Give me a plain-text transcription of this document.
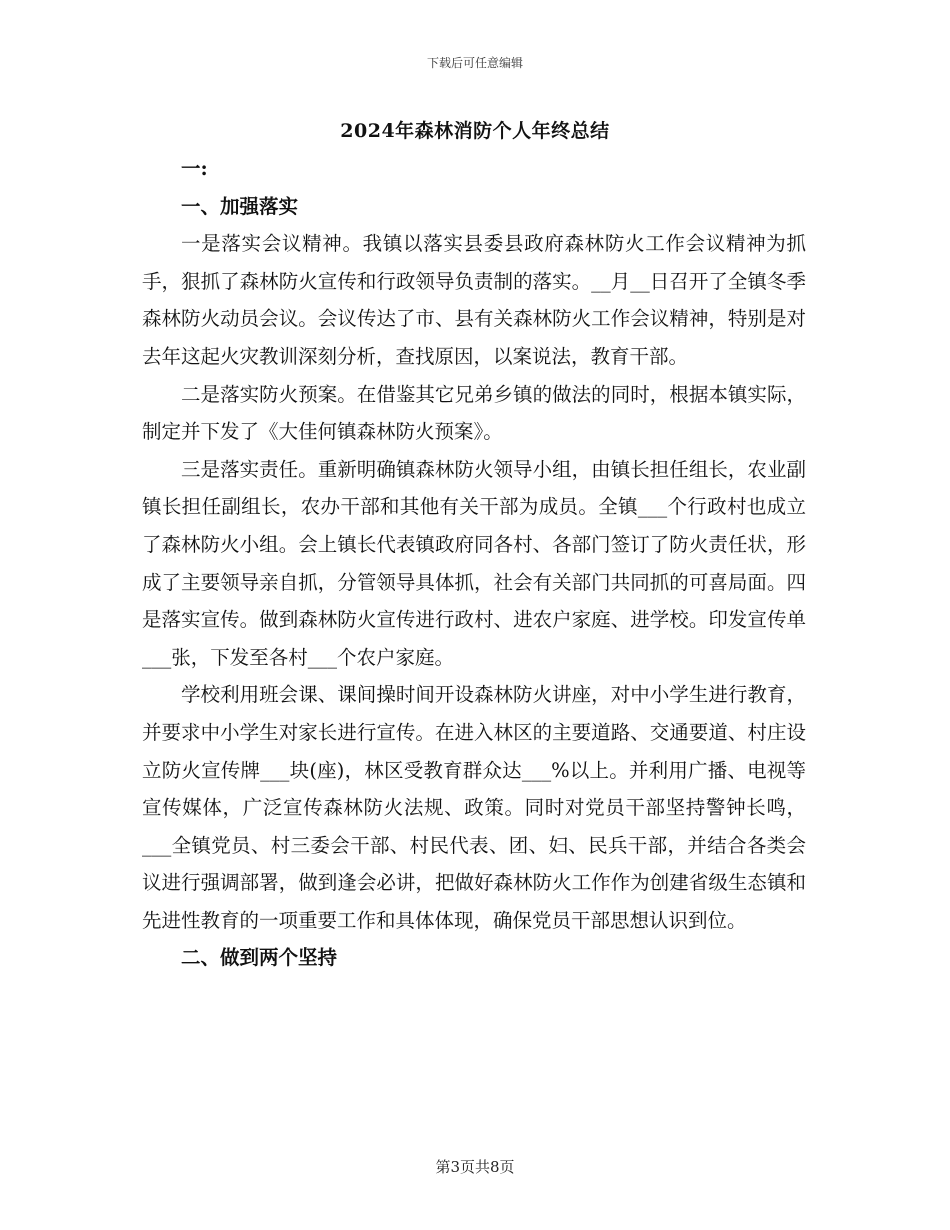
下载后可任意编辑
2024年森林消防个人年终总结
一:
一、加强落实

一是落实会议精神。我镇以落实县委县政府森林防火工作会议精神为抓手，狠抓了森林防火宣传和行政领导负责制的落实。__月__日召开了全镇冬季森林防火动员会议。会议传达了市、县有关森林防火工作会议精神，特别是对去年这起火灾教训深刻分析，查找原因，以案说法，教育干部。

二是落实防火预案。在借鉴其它兄弟乡镇的做法的同时，根据本镇实际，制定并下发了《大佳何镇森林防火预案》。

三是落实责任。重新明确镇森林防火领导小组，由镇长担任组长，农业副镇长担任副组长，农办干部和其他有关干部为成员。全镇___个行政村也成立了森林防火小组。会上镇长代表镇政府同各村、各部门签订了防火责任状，形成了主要领导亲自抓，分管领导具体抓，社会有关部门共同抓的可喜局面。四是落实宣传。做到森林防火宣传进行政村、进农户家庭、进学校。印发宣传单___张，下发至各村___个农户家庭。

学校利用班会课、课间操时间开设森林防火讲座，对中小学生进行教育，并要求中小学生对家长进行宣传。在进入林区的主要道路、交通要道、村庄设立防火宣传牌___块(座)，林区受教育群众达___%以上。并利用广播、电视等宣传媒体，广泛宣传森林防火法规、政策。同时对党员干部坚持警钟长鸣，___全镇党员、村三委会干部、村民代表、团、妇、民兵干部，并结合各类会议进行强调部署，做到逢会必讲，把做好森林防火工作作为创建省级生态镇和先进性教育的一项重要工作和具体体现，确保党员干部思想认识到位。

二、做到两个坚持
第3页共8页
